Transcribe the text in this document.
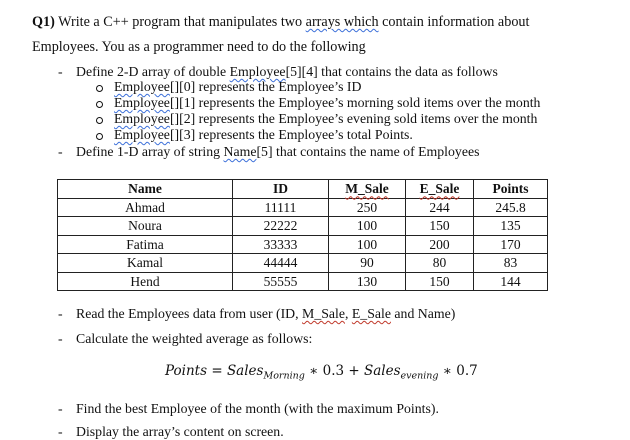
Q1) Write a C++ program that manipulates two arrays which contain information about
Employees. You as a programmer need to do the following
- Define 2-D array of double Employee[5][4] that contains the data as follows
Employee[][0] represents the Employee’s ID
Employee[][1] represents the Employee’s morning sold items over the month
Employee[][2] represents the Employee’s evening sold items over the month
Employee[][3] represents the Employee’s total Points.
- Define 1-D array of string Name[5] that contains the name of Employees
Name	ID	M_Sale	E_Sale	Points
Ahmad	11111	250	244	245.8
Noura	22222	100	150	135
Fatima	33333	100	200	170
Kamal	44444	90	80	83
Hend	55555	130	150	144
- Read the Employees data from user (ID, M_Sale, E_Sale and Name)
- Calculate the weighted average as follows:
Points = Sales$_{Morning}$ ∗ 0.3 + Sales$_{evening}$ ∗ 0.7
- Find the best Employee of the month (with the maximum Points).
- Display the array’s content on screen.
